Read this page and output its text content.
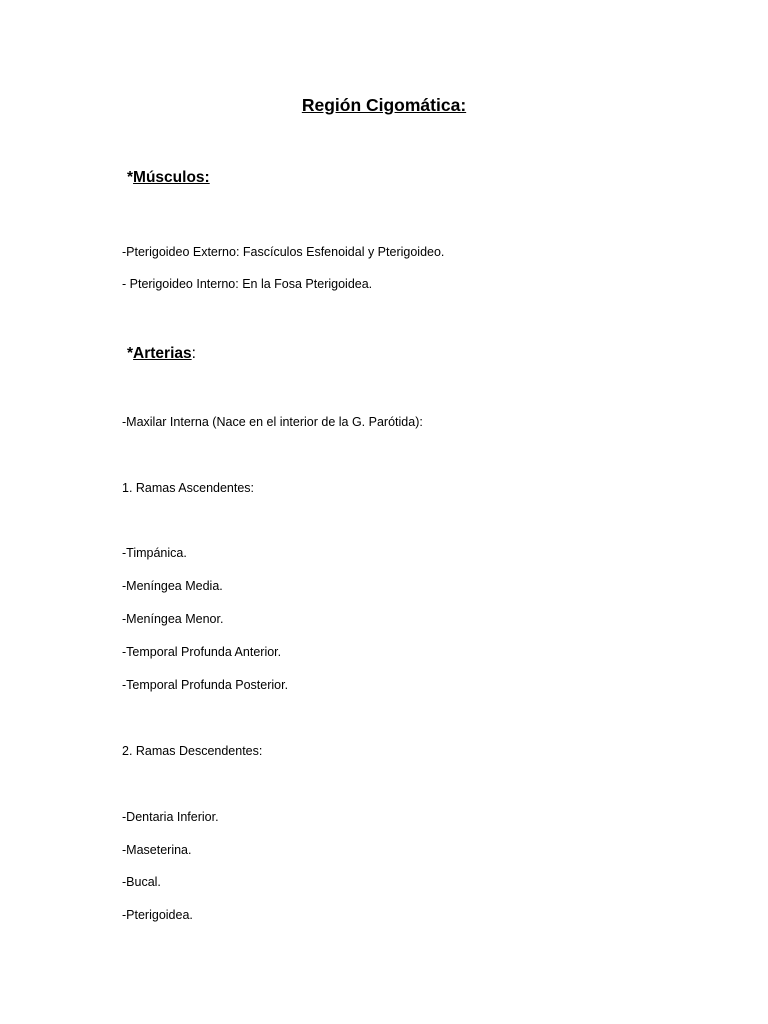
Región Cigomática:
*Músculos:
-Pterigoideo Externo: Fascículos Esfenoidal y Pterigoideo.
- Pterigoideo Interno: En la Fosa Pterigoidea.
*Arterias:
-Maxilar Interna (Nace en el interior de la G. Parótida):
1. Ramas Ascendentes:
-Timpánica.
-Meníngea Media.
-Meníngea Menor.
-Temporal Profunda Anterior.
-Temporal Profunda Posterior.
2. Ramas Descendentes:
-Dentaria Inferior.
-Maseterina.
-Bucal.
-Pterigoidea.
